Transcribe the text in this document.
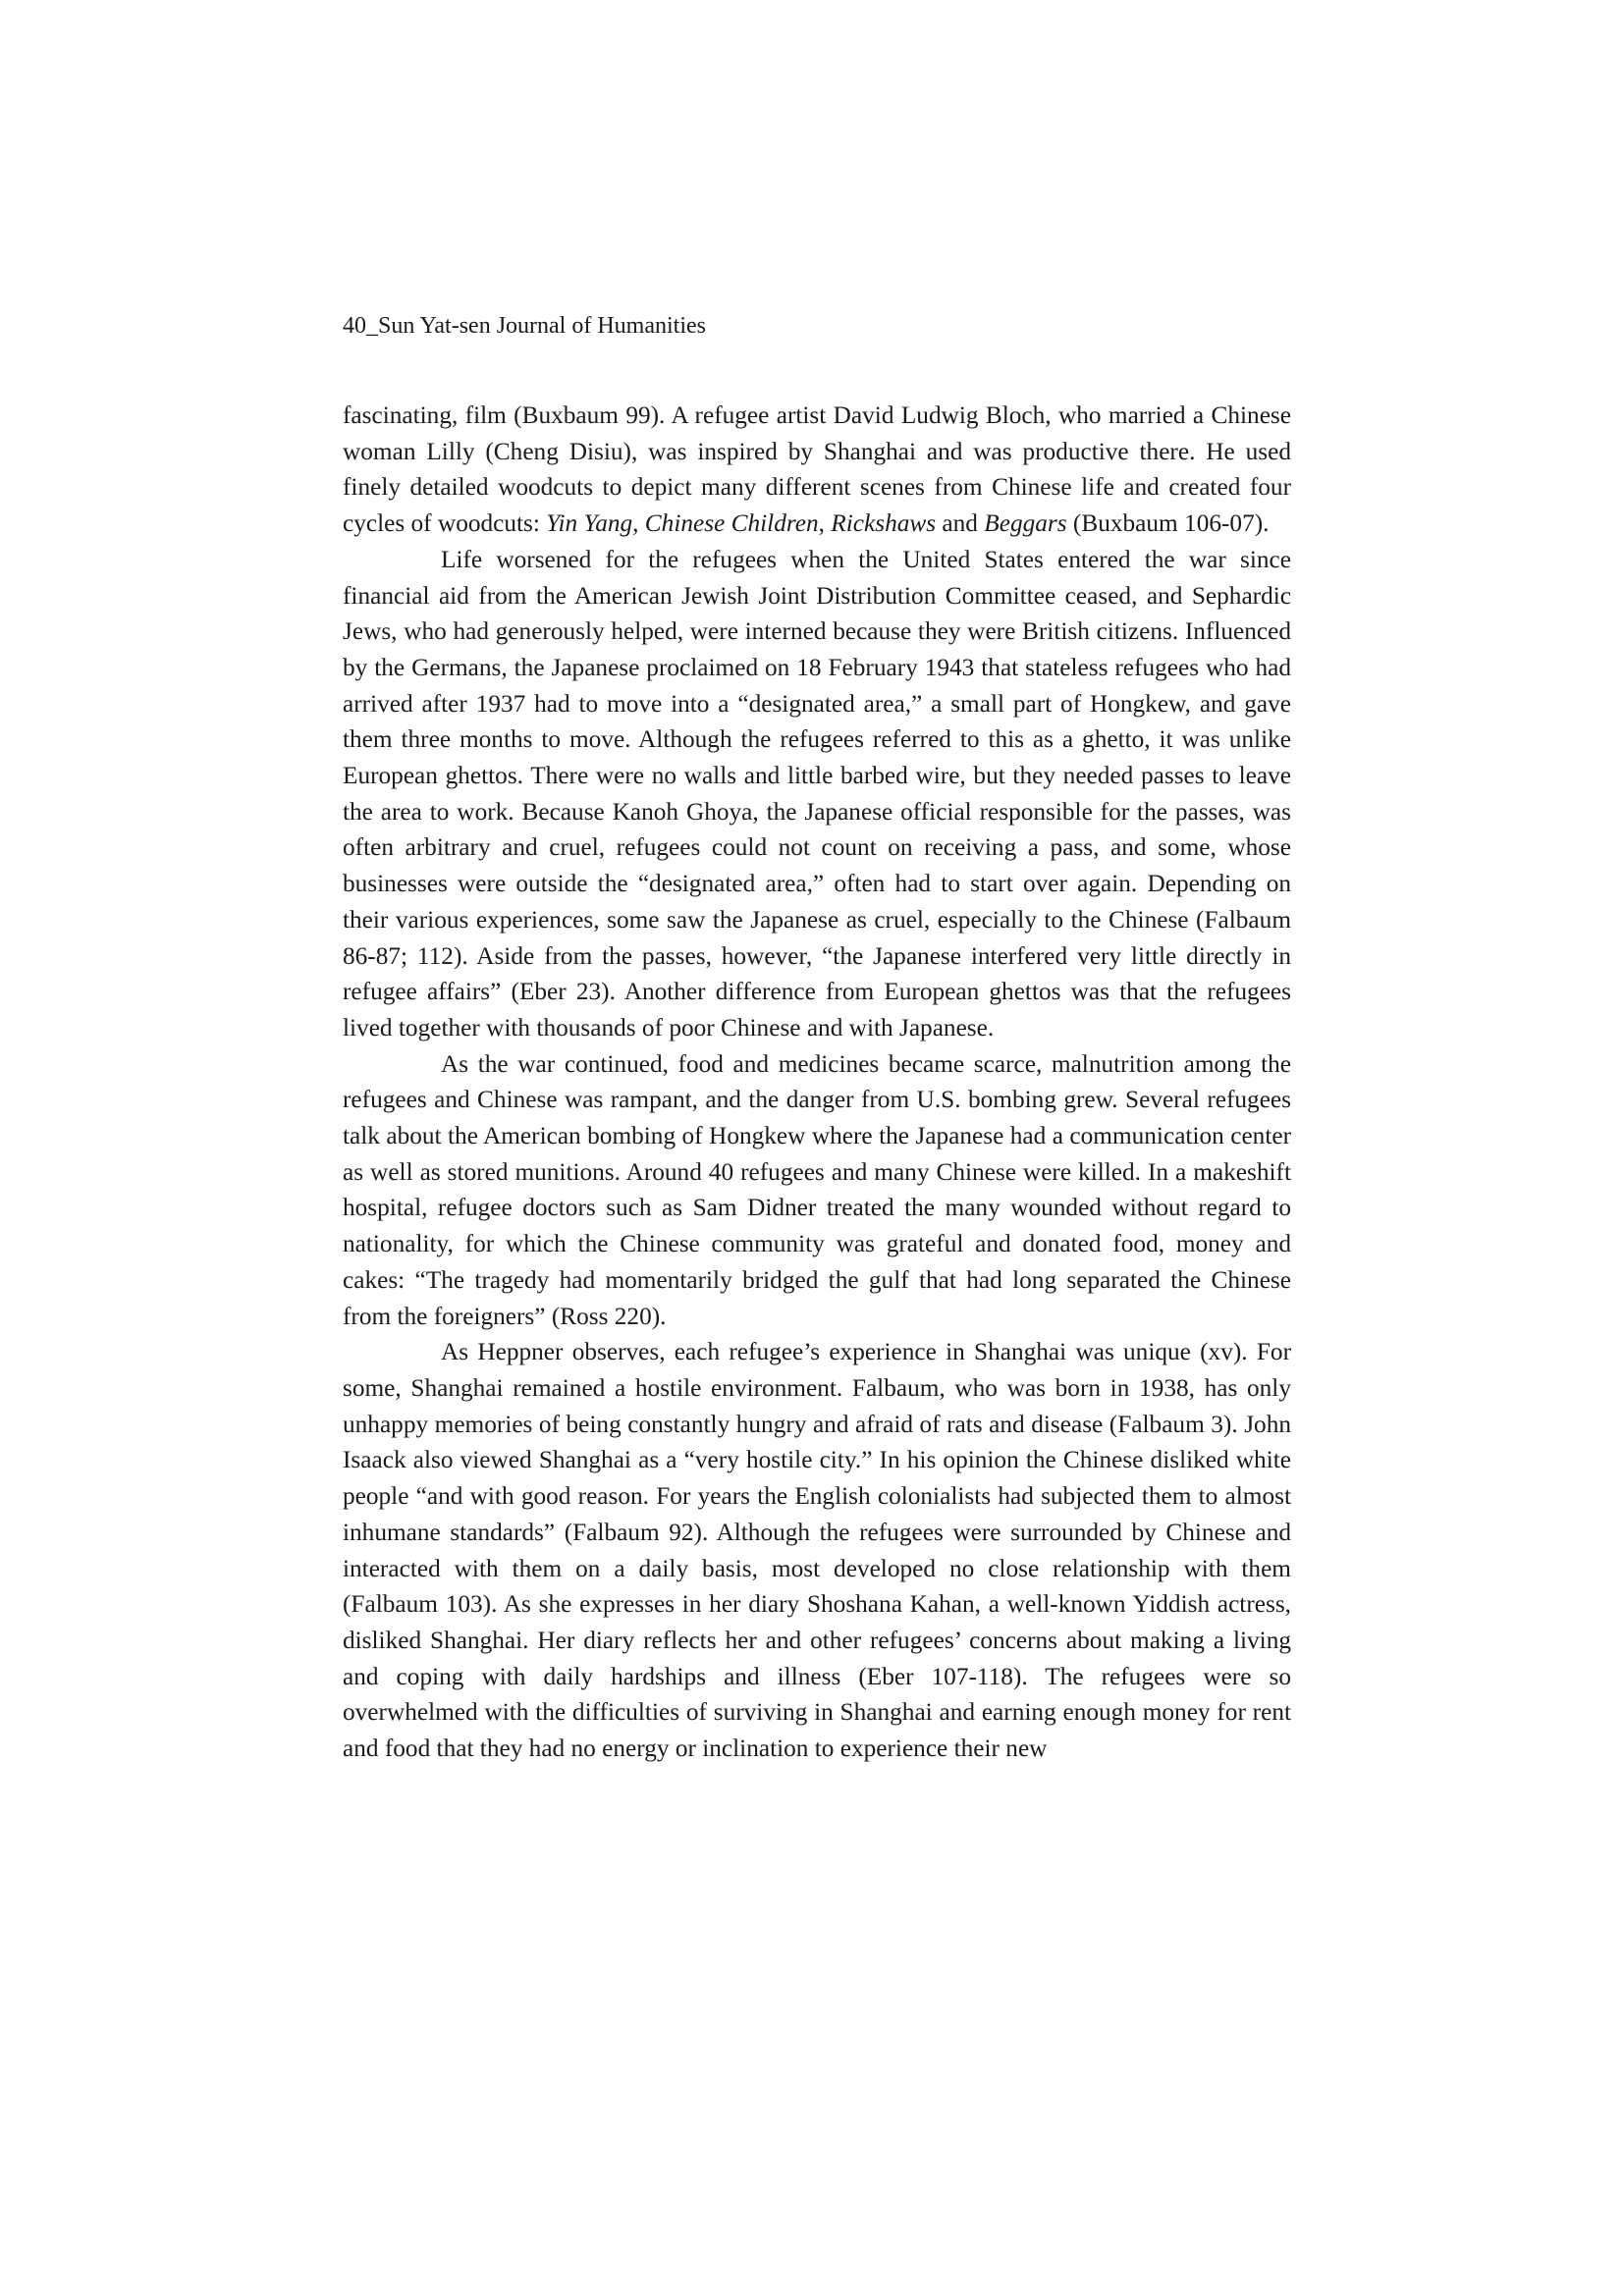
40_Sun Yat-sen Journal of Humanities

fascinating, film (Buxbaum 99). A refugee artist David Ludwig Bloch, who married a Chinese woman Lilly (Cheng Disiu), was inspired by Shanghai and was productive there. He used finely detailed woodcuts to depict many different scenes from Chinese life and created four cycles of woodcuts: Yin Yang, Chinese Children, Rickshaws and Beggars (Buxbaum 106-07).

Life worsened for the refugees when the United States entered the war since financial aid from the American Jewish Joint Distribution Committee ceased, and Sephardic Jews, who had generously helped, were interned because they were British citizens. Influenced by the Germans, the Japanese proclaimed on 18 February 1943 that stateless refugees who had arrived after 1937 had to move into a “designated area,” a small part of Hongkew, and gave them three months to move. Although the refugees referred to this as a ghetto, it was unlike European ghettos. There were no walls and little barbed wire, but they needed passes to leave the area to work. Because Kanoh Ghoya, the Japanese official responsible for the passes, was often arbitrary and cruel, refugees could not count on receiving a pass, and some, whose businesses were outside the “designated area,” often had to start over again. Depending on their various experiences, some saw the Japanese as cruel, especially to the Chinese (Falbaum 86-87; 112). Aside from the passes, however, “the Japanese interfered very little directly in refugee affairs” (Eber 23). Another difference from European ghettos was that the refugees lived together with thousands of poor Chinese and with Japanese.

As the war continued, food and medicines became scarce, malnutrition among the refugees and Chinese was rampant, and the danger from U.S. bombing grew. Several refugees talk about the American bombing of Hongkew where the Japanese had a communication center as well as stored munitions. Around 40 refugees and many Chinese were killed. In a makeshift hospital, refugee doctors such as Sam Didner treated the many wounded without regard to nationality, for which the Chinese community was grateful and donated food, money and cakes: “The tragedy had momentarily bridged the gulf that had long separated the Chinese from the foreigners” (Ross 220).

As Heppner observes, each refugee’s experience in Shanghai was unique (xv). For some, Shanghai remained a hostile environment. Falbaum, who was born in 1938, has only unhappy memories of being constantly hungry and afraid of rats and disease (Falbaum 3). John Isaack also viewed Shanghai as a “very hostile city.” In his opinion the Chinese disliked white people “and with good reason. For years the English colonialists had subjected them to almost inhumane standards” (Falbaum 92). Although the refugees were surrounded by Chinese and interacted with them on a daily basis, most developed no close relationship with them (Falbaum 103). As she expresses in her diary Shoshana Kahan, a well-known Yiddish actress, disliked Shanghai. Her diary reflects her and other refugees’ concerns about making a living and coping with daily hardships and illness (Eber 107-118). The refugees were so overwhelmed with the difficulties of surviving in Shanghai and earning enough money for rent and food that they had no energy or inclination to experience their new
